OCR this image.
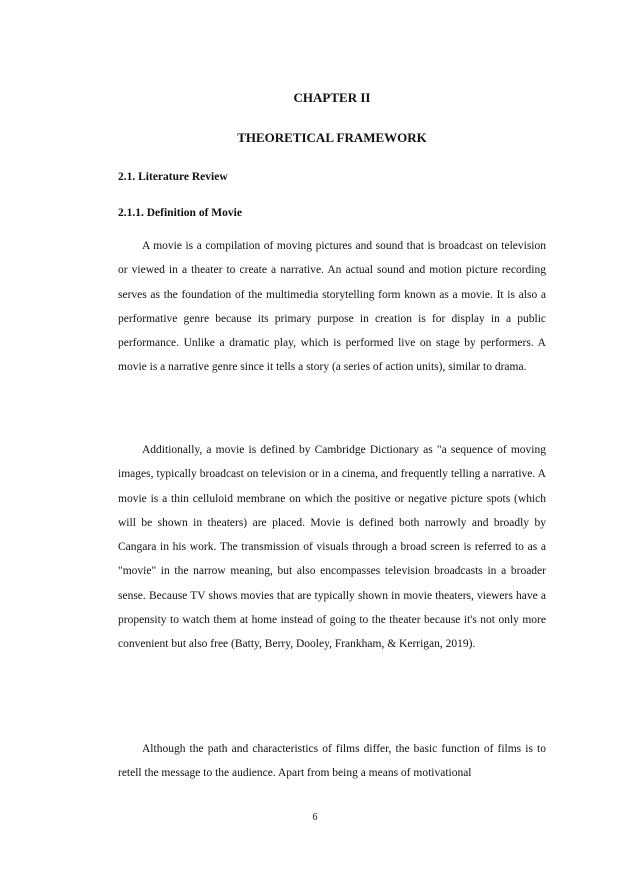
CHAPTER II
THEORETICAL FRAMEWORK
2.1. Literature Review
2.1.1. Definition of Movie

A movie is a compilation of moving pictures and sound that is broadcast on television or viewed in a theater to create a narrative. An actual sound and motion picture recording serves as the foundation of the multimedia storytelling form known as a movie. It is also a performative genre because its primary purpose in creation is for display in a public performance. Unlike a dramatic play, which is performed live on stage by performers. A movie is a narrative genre since it tells a story (a series of action units), similar to drama.

Additionally, a movie is defined by Cambridge Dictionary as "a sequence of moving images, typically broadcast on television or in a cinema, and frequently telling a narrative. A movie is a thin celluloid membrane on which the positive or negative picture spots (which will be shown in theaters) are placed. Movie is defined both narrowly and broadly by Cangara in his work. The transmission of visuals through a broad screen is referred to as a "movie" in the narrow meaning, but also encompasses television broadcasts in a broader sense. Because TV shows movies that are typically shown in movie theaters, viewers have a propensity to watch them at home instead of going to the theater because it's not only more convenient but also free (Batty, Berry, Dooley, Frankham, & Kerrigan, 2019).

Although the path and characteristics of films differ, the basic function of films is to retell the message to the audience. Apart from being a means of motivational

6
